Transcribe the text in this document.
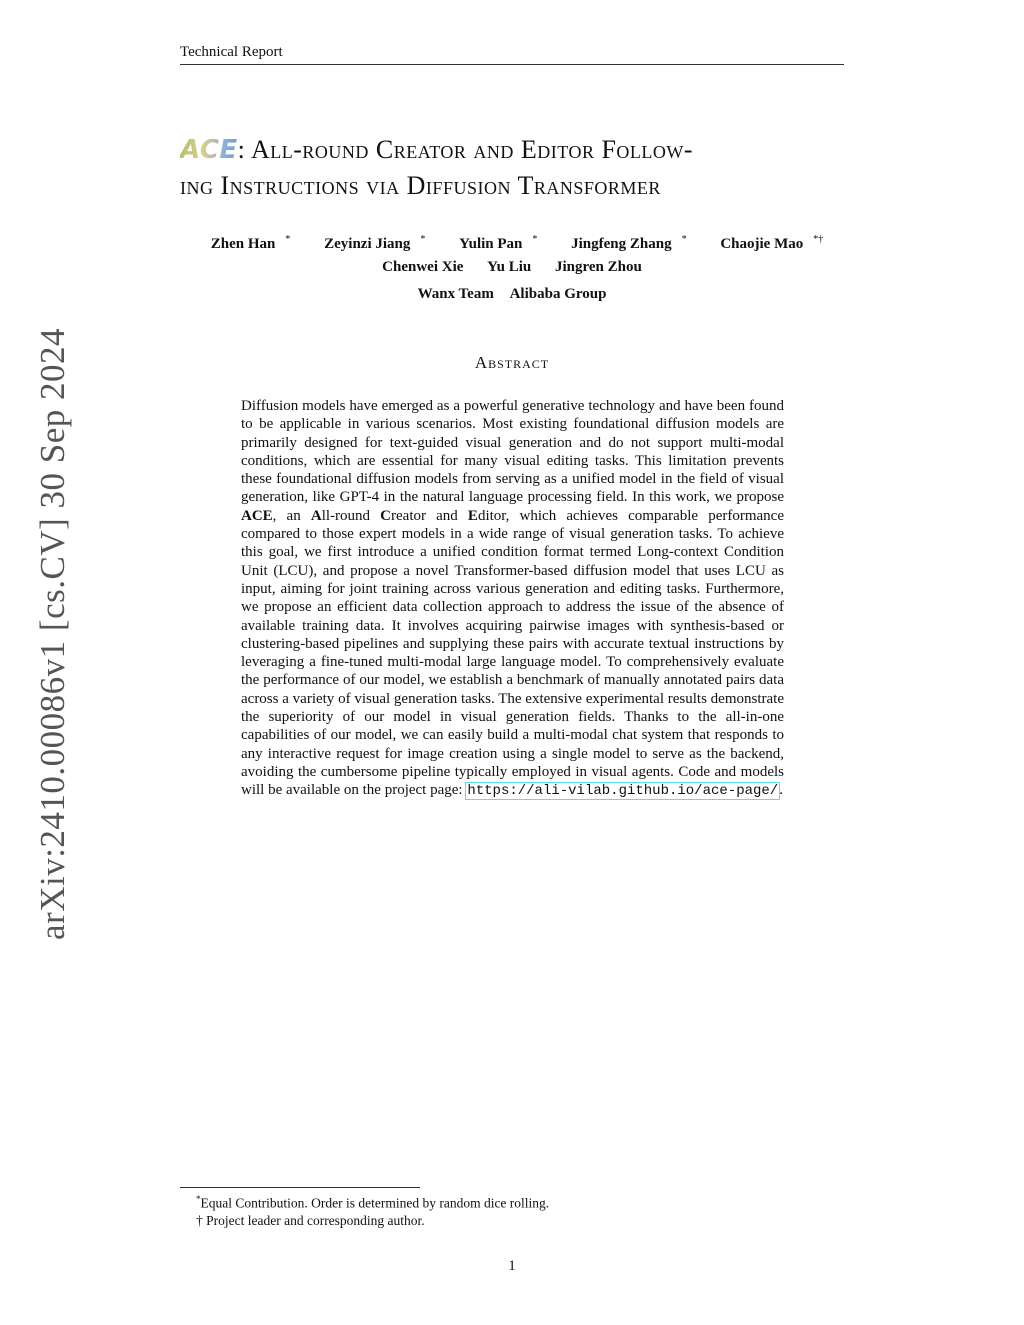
Technical Report
arXiv:2410.00086v1 [cs.CV] 30 Sep 2024
ACE: All-round Creator and Editor Follow-
ing Instructions via Diffusion Transformer
Zhen Han * Zeyinzi Jiang * Yulin Pan * Jingfeng Zhang * Chaojie Mao *†
Chenwei Xie Yu Liu Jingren Zhou
Wanx Team Alibaba Group
Abstract
Diffusion models have emerged as a powerful generative technology and have been found to be applicable in various scenarios. Most existing foundational diffusion models are primarily designed for text-guided visual generation and do not support multi-modal conditions, which are essential for many visual editing tasks. This limitation prevents these foundational diffusion models from serving as a unified model in the field of visual generation, like GPT-4 in the natural language processing field. In this work, we propose ACE, an All-round Creator and Editor, which achieves comparable performance compared to those expert models in a wide range of visual generation tasks. To achieve this goal, we first introduce a unified condition format termed Long-context Condition Unit (LCU), and propose a novel Transformer-based diffusion model that uses LCU as input, aiming for joint training across various generation and editing tasks. Furthermore, we propose an efficient data collection approach to address the issue of the absence of available training data. It involves acquiring pairwise images with synthesis-based or clustering-based pipelines and supplying these pairs with accurate textual instructions by leveraging a fine-tuned multi-modal large language model. To comprehensively evaluate the performance of our model, we establish a benchmark of manually annotated pairs data across a variety of visual generation tasks. The extensive experimental results demonstrate the superiority of our model in visual generation fields. Thanks to the all-in-one capabilities of our model, we can easily build a multi-modal chat system that responds to any interactive request for image creation using a single model to serve as the backend, avoiding the cumbersome pipeline typically employed in visual agents. Code and models will be available on the project page: https://ali-vilab.github.io/ace-page/.
*Equal Contribution. Order is determined by random dice rolling.
† Project leader and corresponding author.
1
